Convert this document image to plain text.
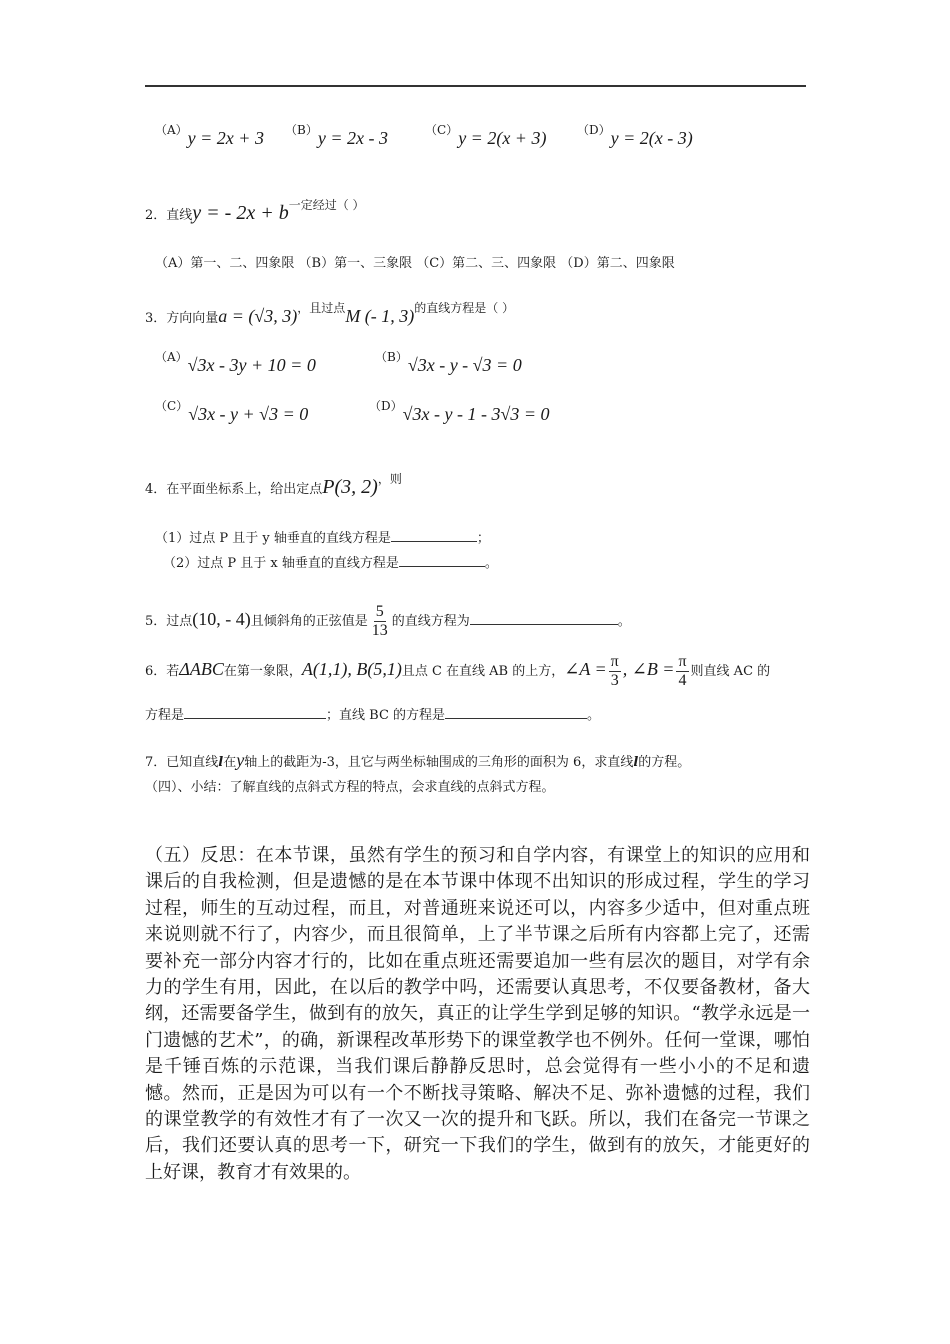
$^{(A)}$y = 2x + 3 $^{(B)}$y = 2x - 3	$^{(C)}$y = 2(x + 3)	$^{(D)}$y = 2(x - 3)
2．直线y = - 2x + b一定经过（ ）
（A）第一、二、四象限 （B）第一、三象限 （C）第二、三、四象限 （D）第二、四象限
3．方向向量a = (√3, 3)，且过点M (- 1, 3)的直线方程是（ ）
$^{(A)}$√3x - 3y + 10 = 0	$^{(B)}$√3x - y - √3 = 0
$^{(C)}$√3x - y + √3 = 0	$^{(D)}$√3x - y - 1 - 3√3 = 0
4．在平面坐标系上，给出定点P(3, 2)，则
（1）过点 P 且于 y 轴垂直的直线方程是	；
（2）过点 P 且于 x 轴垂直的直线方程是	。
5．过点(10, - 4)且倾斜角的正弦值是 $\frac{5}{13}$ 的直线方程为	。
6．若ΔABC在第一象限，A(1,1), B(5,1)且点 C 在直线 AB 的上方，∠A = $\frac{\pi}{3}$ , ∠B = $\frac{\pi}{4}$ 则直线 AC 的
方程是	；直线 BC 的方程是	。
7．已知直线l在y轴上的截距为-3，且它与两坐标轴围成的三角形的面积为 6，求直线l的方程。
（四）、小结：了解直线的点斜式方程的特点，会求直线的点斜式方程。

（五）反思：在本节课，虽然有学生的预习和自学内容，有课堂上的知识的应用和课后的自我检测，但是遗憾的是在本节课中体现不出知识的形成过程，学生的学习过程，师生的互动过程，而且，对普通班来说还可以，内容多少适中，但对重点班来说则就不行了，内容少，而且很简单，上了半节课之后所有内容都上完了，还需要补充一部分内容才行的，比如在重点班还需要追加一些有层次的题目，对学有余力的学生有用，因此，在以后的教学中吗，还需要认真思考，不仅要备教材，备大纲，还需要备学生，做到有的放矢，真正的让学生学到足够的知识。“教学永远是一门遗憾的艺术”，的确，新课程改革形势下的课堂教学也不例外。任何一堂课，哪怕是千锤百炼的示范课，当我们课后静静反思时，总会觉得有一些小小的不足和遗憾。然而，正是因为可以有一个不断找寻策略、解决不足、弥补遗憾的过程，我们的课堂教学的有效性才有了一次又一次的提升和飞跃。所以，我们在备完一节课之后，我们还要认真的思考一下，研究一下我们的学生，做到有的放矢，才能更好的上好课，教育才有效果的。
